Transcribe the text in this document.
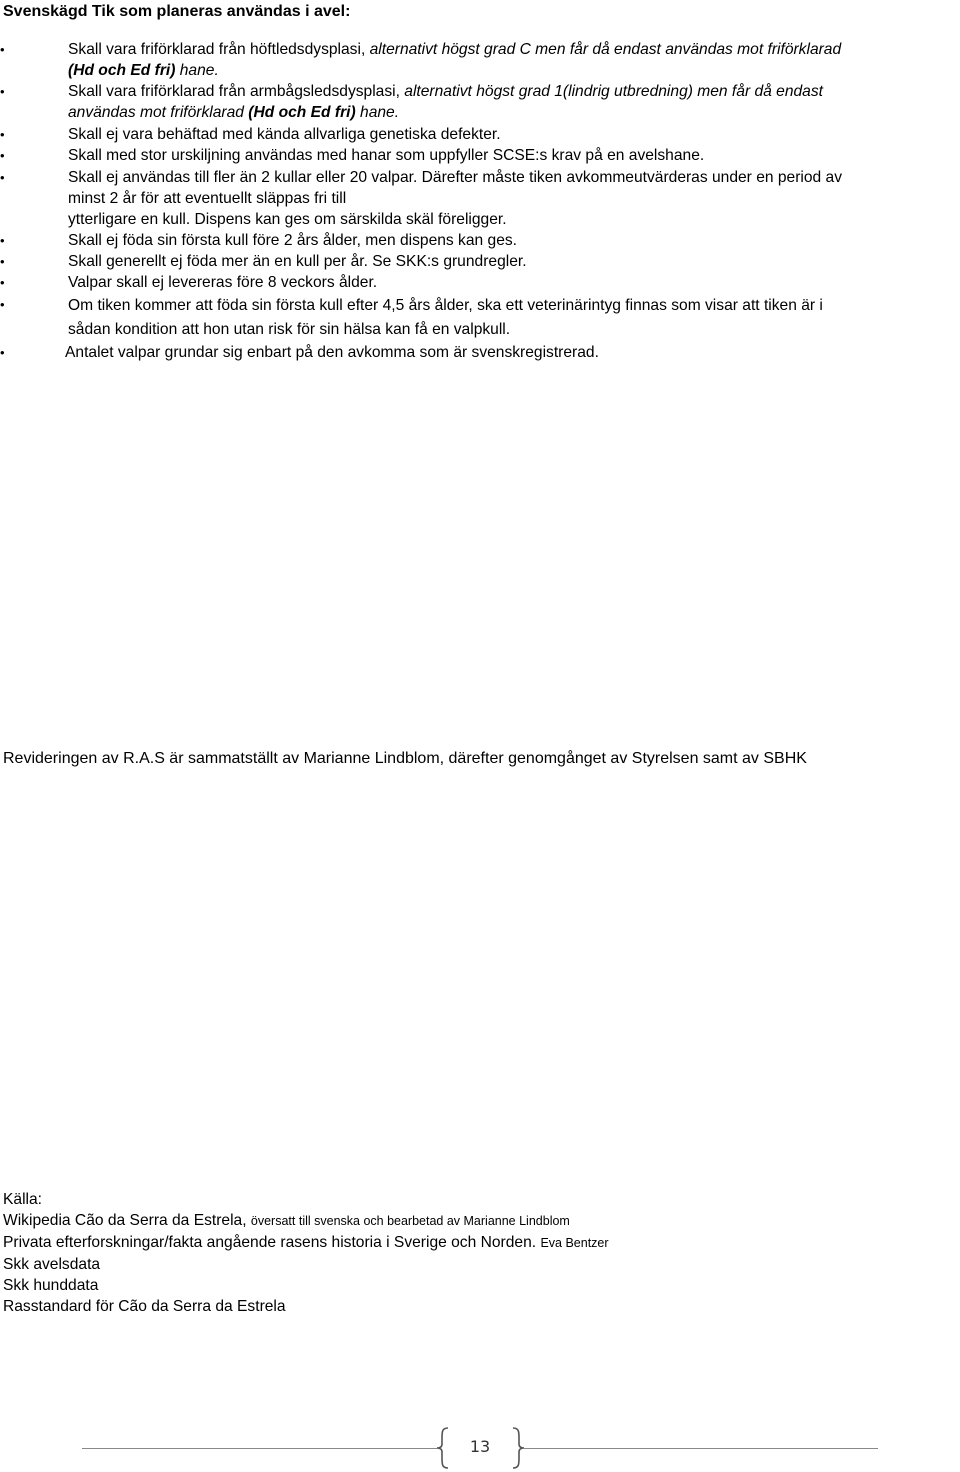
Svenskägd Tik som planeras användas i avel:
•	Skall vara friförklarad från höftledsdysplasi, alternativt högst grad C men får då endast användas mot friförklarad
(Hd och Ed fri) hane.
•	Skall vara friförklarad från armbågsledsdysplasi, alternativt högst grad 1(lindrig utbredning) men får då endast
användas mot friförklarad (Hd och Ed fri) hane.
•	Skall ej vara behäftad med kända allvarliga genetiska defekter.
•	Skall med stor urskiljning användas med hanar som uppfyller SCSE:s krav på en avelshane.
•	Skall ej användas till fler än 2 kullar eller 20 valpar. Därefter måste tiken avkommeutvärderas under en period av
minst 2 år för att eventuellt släppas fri till
ytterligare en kull. Dispens kan ges om särskilda skäl föreligger.
•	Skall ej föda sin första kull före 2 års ålder, men dispens kan ges.
•	Skall generellt ej föda mer än en kull per år. Se SKK:s grundregler.
•	Valpar skall ej levereras före 8 veckors ålder.
•	Om tiken kommer att föda sin första kull efter 4,5 års ålder, ska ett veterinärintyg finnas som visar att tiken är i
sådan kondition att hon utan risk för sin hälsa kan få en valpkull.
•	Antalet valpar grundar sig enbart på den avkomma som är svenskregistrerad.

Revideringen av R.A.S är sammatställt av Marianne Lindblom, därefter genomgånget av Styrelsen samt av SBHK

Källa:
Wikipedia Cão da Serra da Estrela, översatt till svenska och bearbetad av Marianne Lindblom
Privata efterforskningar/fakta angående rasens historia i Sverige och Norden. Eva Bentzer
Skk avelsdata
Skk hunddata
Rasstandard för Cão da Serra da Estrela
13
